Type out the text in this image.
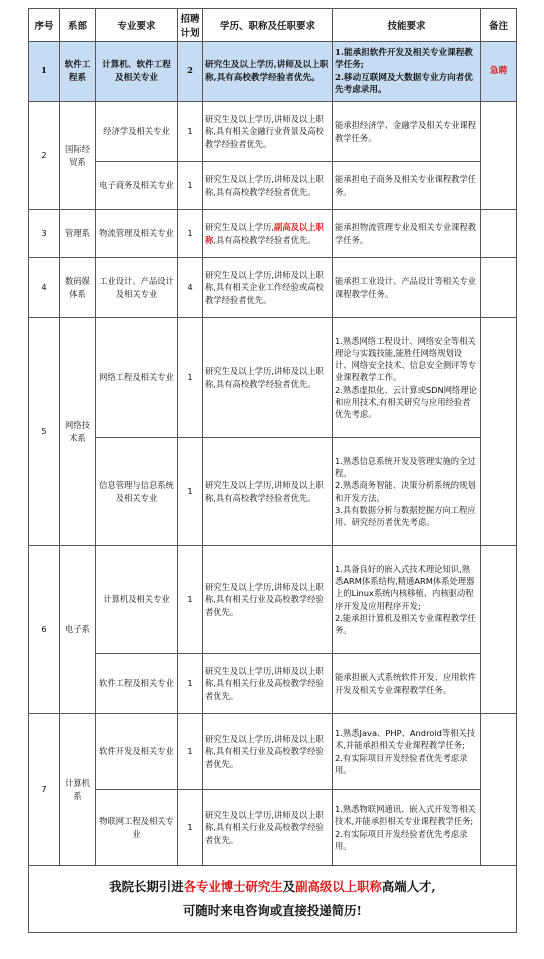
序号	系部	专业要求	招聘计划	学历、职称及任职要求	技能要求	备注
1	软件工程系	计算机、软件工程及相关专业	2	研究生及以上学历,讲师及以上职称,具有高校教学经验者优先。	1.能承担软件开发及相关专业课程教学任务;
2.移动互联网及大数据专业方向者优先考虑录用。	急聘
2	国际经贸系	经济学及相关专业	1	研究生及以上学历,讲师及以上职称,具有相关金融行业背景及高校教学经验者优先。	能承担经济学、金融学及相关专业课程教学任务。	
		电子商务及相关专业	1	研究生及以上学历,讲师及以上职称,具有高校教学经验者优先。	能承担电子商务及相关专业课程教学任务。	
3	管理系	物流管理及相关专业	1	研究生及以上学历,副高及以上职称,具有高校教学经验者优先。	能承担物流管理专业及相关专业课程教学任务。	
4	数码媒体系	工业设计、产品设计及相关专业	4	研究生及以上学历,讲师及以上职称,具有相关企业工作经验或高校教学经验者优先。	能承担工业设计、产品设计等相关专业课程教学任务。	
5	网络技术系	网络工程及相关专业	1	研究生及以上学历,讲师及以上职称,具有高校教学经验者优先。	1.熟悉网络工程设计、网络安全等相关理论与实践技能,能胜任网络规划设计、网络安全技术、信息安全测评等专业课程教学工作。
2.熟悉虚拟化、云计算或SDN网络理论和应用技术,有相关研究与应用经验者优先考虑。	
		信息管理与信息系统及相关专业	1	研究生及以上学历,讲师及以上职称,具有高校教学经验者优先。	1.熟悉信息系统开发及管理实施的全过程。
2.熟悉商务智能、决策分析系统的规划和开发方法。
3.具有数据分析与数据挖掘方向工程应用、研究经历者优先考虑。	
6	电子系	计算机及相关专业	1	研究生及以上学历,讲师及以上职称,具有相关行业及高校教学经验者优先。	1.具备良好的嵌入式技术理论知识,熟悉ARM体系结构,精通ARM体系处理器上的Linux系统内核移植、内核驱动程序开发及应用程序开发;
2.能承担计算机及相关专业课程教学任务。	
		软件工程及相关专业	1	研究生及以上学历,讲师及以上职称,具有相关行业及高校教学经验者优先。	能承担嵌入式系统软件开发、应用软件开发及相关专业课程教学任务。	
7	计算机系	软件开发及相关专业	1	研究生及以上学历,讲师及以上职称,具有相关行业及高校教学经验者优先。	1.熟悉Java、PHP、Android等相关技术,并能承担相关专业课程教学任务;
2.有实际项目开发经验者优先考虑录用。	
		物联网工程及相关专业	1	研究生及以上学历,讲师及以上职称,具有相关行业及高校教学经验者优先。	1.熟悉物联网通讯、嵌入式开发等相关技术,并能承担相关专业课程教学任务;
2.有实际项目开发经验者优先考虑录用。	

我院长期引进各专业博士研究生及副高级以上职称高端人才,
可随时来电咨询或直接投递简历!						
